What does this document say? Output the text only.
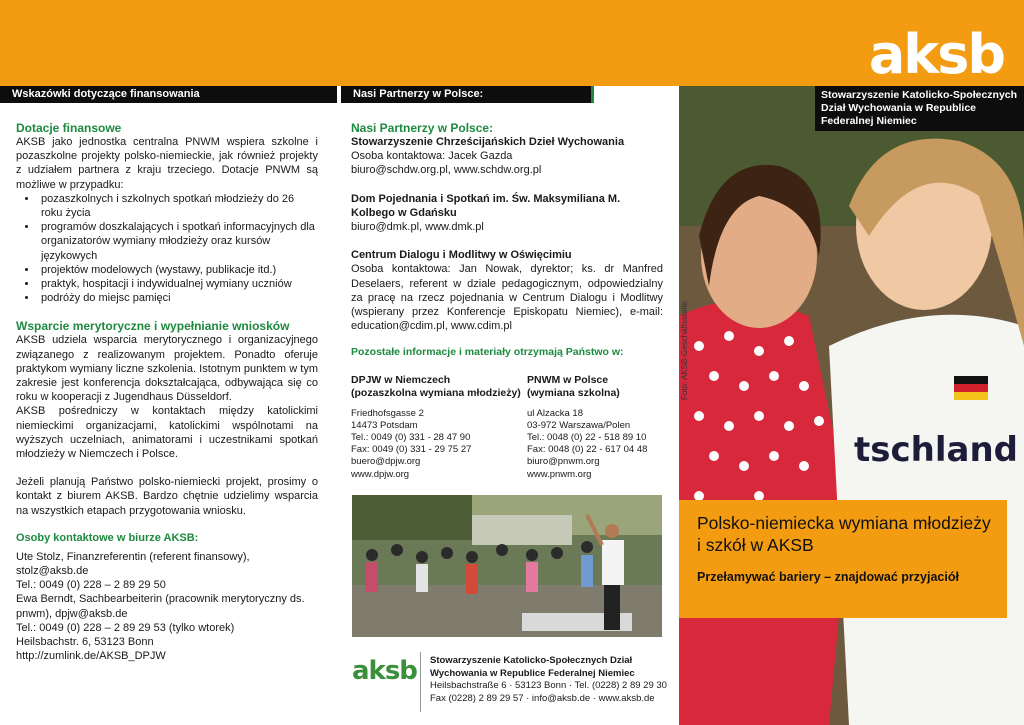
aksb
Wskazówki dotyczące finansowania	Nasi Partnerzy w Polsce:
Dotacje finansowe
AKSB jako jednostka centralna PNWM wspiera szkolne i pozaszkolne projekty polsko-niemieckie, jak również projekty z udziałem partnera z kraju trzeciego. Dotacje PNWM są możliwe w przypadku:
• pozaszkolnych i szkolnych spotkań młodzieży do 26 roku życia
• programów doszkalających i spotkań informacyjnych dla organizatorów wymiany młodzieży oraz kursów językowych
• projektów modelowych (wystawy, publikacje itd.)
• praktyk, hospitacji i indywidualnej wymiany uczniów
• podróży do miejsc pamięci
Wsparcie merytoryczne i wypełnianie wniosków
AKSB udziela wsparcia merytorycznego i organizacyjnego związanego z realizowanym projektem. Ponadto oferuje praktykom wymiany liczne szkolenia. Istotnym punktem w tym zakresie jest konferencja dokształcająca, odbywająca się co roku w kooperacji z Jugendhaus Düsseldorf.
AKSB pośredniczy w kontaktach między katolickimi niemieckimi organizacjami, katolickimi wspólnotami na wyższych uczelniach, animatorami i uczestnikami spotkań młodzieży w Niemczech i Polsce.
Jeżeli planują Państwo polsko-niemiecki projekt, prosimy o kontakt z biurem AKSB. Bardzo chętnie udzielimy wsparcia na wszystkich etapach przygotowania wniosku.
Osoby kontaktowe w biurze AKSB:
Ute Stolz, Finanzreferentin (referent finansowy), stolz@aksb.de
Tel.: 0049 (0) 228 – 2 89 29 50
Ewa Berndt, Sachbearbeiterin (pracownik merytoryczny ds. pnwm), dpjw@aksb.de
Tel.: 0049 (0) 228 – 2 89 29 53 (tylko wtorek)
Heilsbachstr. 6, 53123 Bonn
http://zumlink.de/AKSB_DPJW
Nasi Partnerzy w Polsce:
Stowarzyszenie Chrześcijańskich Dzieł Wychowania
Osoba kontaktowa: Jacek Gazda
biuro@schdw.org.pl, www.schdw.org.pl
Dom Pojednania i Spotkań im. Św. Maksymiliana M. Kolbego w Gdańsku
biuro@dmk.pl, www.dmk.pl
Centrum Dialogu i Modlitwy w Oświęcimiu
Osoba kontaktowa: Jan Nowak, dyrektor; ks. dr Manfred Deselaers, referent w dziale pedagogicznym, odpowiedzialny za pracę na rzecz pojednania w Centrum Dialogu i Modlitwy (wspierany przez Konferencje Episkopatu Niemiec), e-mail: education@cdim.pl, www.cdim.pl
Pozostałe informacje i materiały otrzymają Państwo w:
DPJW w Niemczech
(pozaszkolna wymiana młodzieży)
Friedhofsgasse 2
14473 Potsdam
Tel.: 0049 (0) 331 - 28 47 90
Fax: 0049 (0) 331 - 29 75 27
buero@dpjw.org
www.dpjw.org
PNWM w Polsce
(wymiana szkolna)
ul Alzacka 18
03-972 Warszawa/Polen
Tel.: 0048 (0) 22 - 518 89 10
Fax: 0048 (0) 22 - 617 04 48
biuro@pnwm.org
www.pnwm.org
aksb Stowarzyszenie Katolicko-Społecznych Dział Wychowania w Republice Federalnej Niemiec
Heilsbachstraße 6 · 53123 Bonn · Tel. (0228) 2 89 29 30
Fax (0228) 2 89 29 57 · info@aksb.de · www.aksb.de
tschland
Stowarzyszenie Katolicko-Społecznych Dział Wychowania w Republice Federalnej Niemiec
Foto: AKSB-Geschäftsstelle
Polsko-niemiecka wymiana młodzieży i szkół w AKSB
Przełamywać bariery – znajdować przyjaciół
